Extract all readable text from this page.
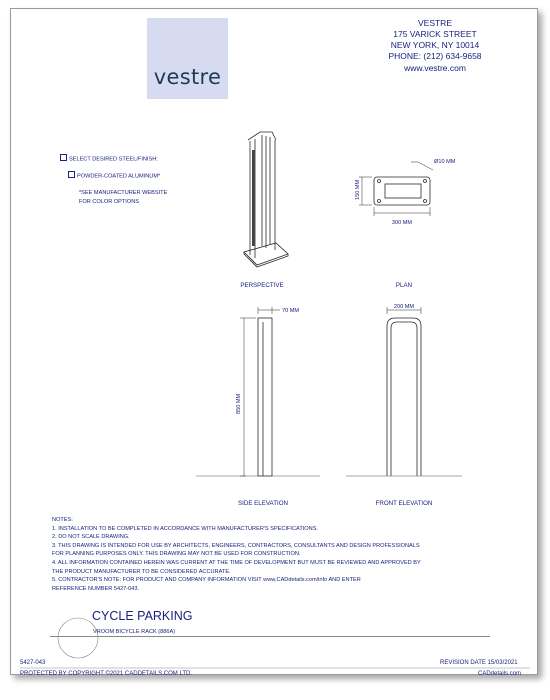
vestre
VESTRE
175 VARICK STREET
NEW YORK, NY 10014
PHONE: (212) 634-9658
www.vestre.com
SELECT DESIRED STEEL/FINISH:
POWDER-COATED ALUMINUM*
*SEE MANUFACTURER WEBSITE
FOR COLOR OPTIONS
PERSPECTIVE	PLAN
SIDE ELEVATION	FRONT ELEVATION
Ø10 MM
150 MM
300 MM
70 MM
850 MM
200 MM
NOTES:
1. INSTALLATION TO BE COMPLETED IN ACCORDANCE WITH MANUFACTURER'S SPECIFICATIONS.
2. DO NOT SCALE DRAWING.
3. THIS DRAWING IS INTENDED FOR USE BY ARCHITECTS, ENGINEERS, CONTRACTORS, CONSULTANTS AND DESIGN PROFESSIONALS
FOR PLANNING PURPOSES ONLY. THIS DRAWING MAY NOT BE USED FOR CONSTRUCTION.
4. ALL INFORMATION CONTAINED HEREIN WAS CURRENT AT THE TIME OF DEVELOPMENT BUT MUST BE REVIEWED AND APPROVED BY
THE PRODUCT MANUFACTURER TO BE CONSIDERED ACCURATE.
5. CONTRACTOR'S NOTE: FOR PRODUCT AND COMPANY INFORMATION VISIT www.CADdetails.com/info AND ENTER
REFERENCE NUMBER 5427-043.
CYCLE PARKING
VROOM BICYCLE RACK (886A)
5427-043	REVISION DATE 15/03/2021
PROTECTED BY COPYRIGHT ©2021 CADDETAILS.COM LTD.	CADdetails.com
